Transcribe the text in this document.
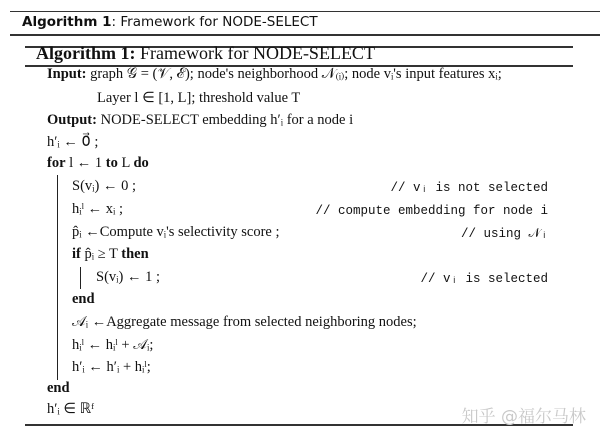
Algorithm 1: Framework for NODE-SELECT
Algorithm 1: Framework for NODE-SELECT
Input: graph 𝒢 = (𝒱, ℰ); node's neighborhood 𝒩₍ᵢ₎; node vᵢ's input features xᵢ;
Layer l ∈ [1, L]; threshold value T
Output: NODE-SELECT embedding h′ᵢ for a node i
h′ᵢ ← 0⃗ ;
for l ← 1 to L do
S(vᵢ) ← 0 ;	// vᵢ is not selected
hᵢˡ ← xᵢ ;	// compute embedding for node i
p̂ᵢ ←Compute vᵢ's selectivity score ;	// using 𝒩ᵢ
if p̂ᵢ ≥ T then
S(vᵢ) ← 1 ;	// vᵢ is selected
end
𝒜ᵢ ←Aggregate message from selected neighboring nodes;
hᵢˡ ← hᵢˡ + 𝒜ᵢ;
h′ᵢ ← h′ᵢ + hᵢˡ;
end
h′ᵢ ∈ ℝᶠ	知乎 @福尔马林
